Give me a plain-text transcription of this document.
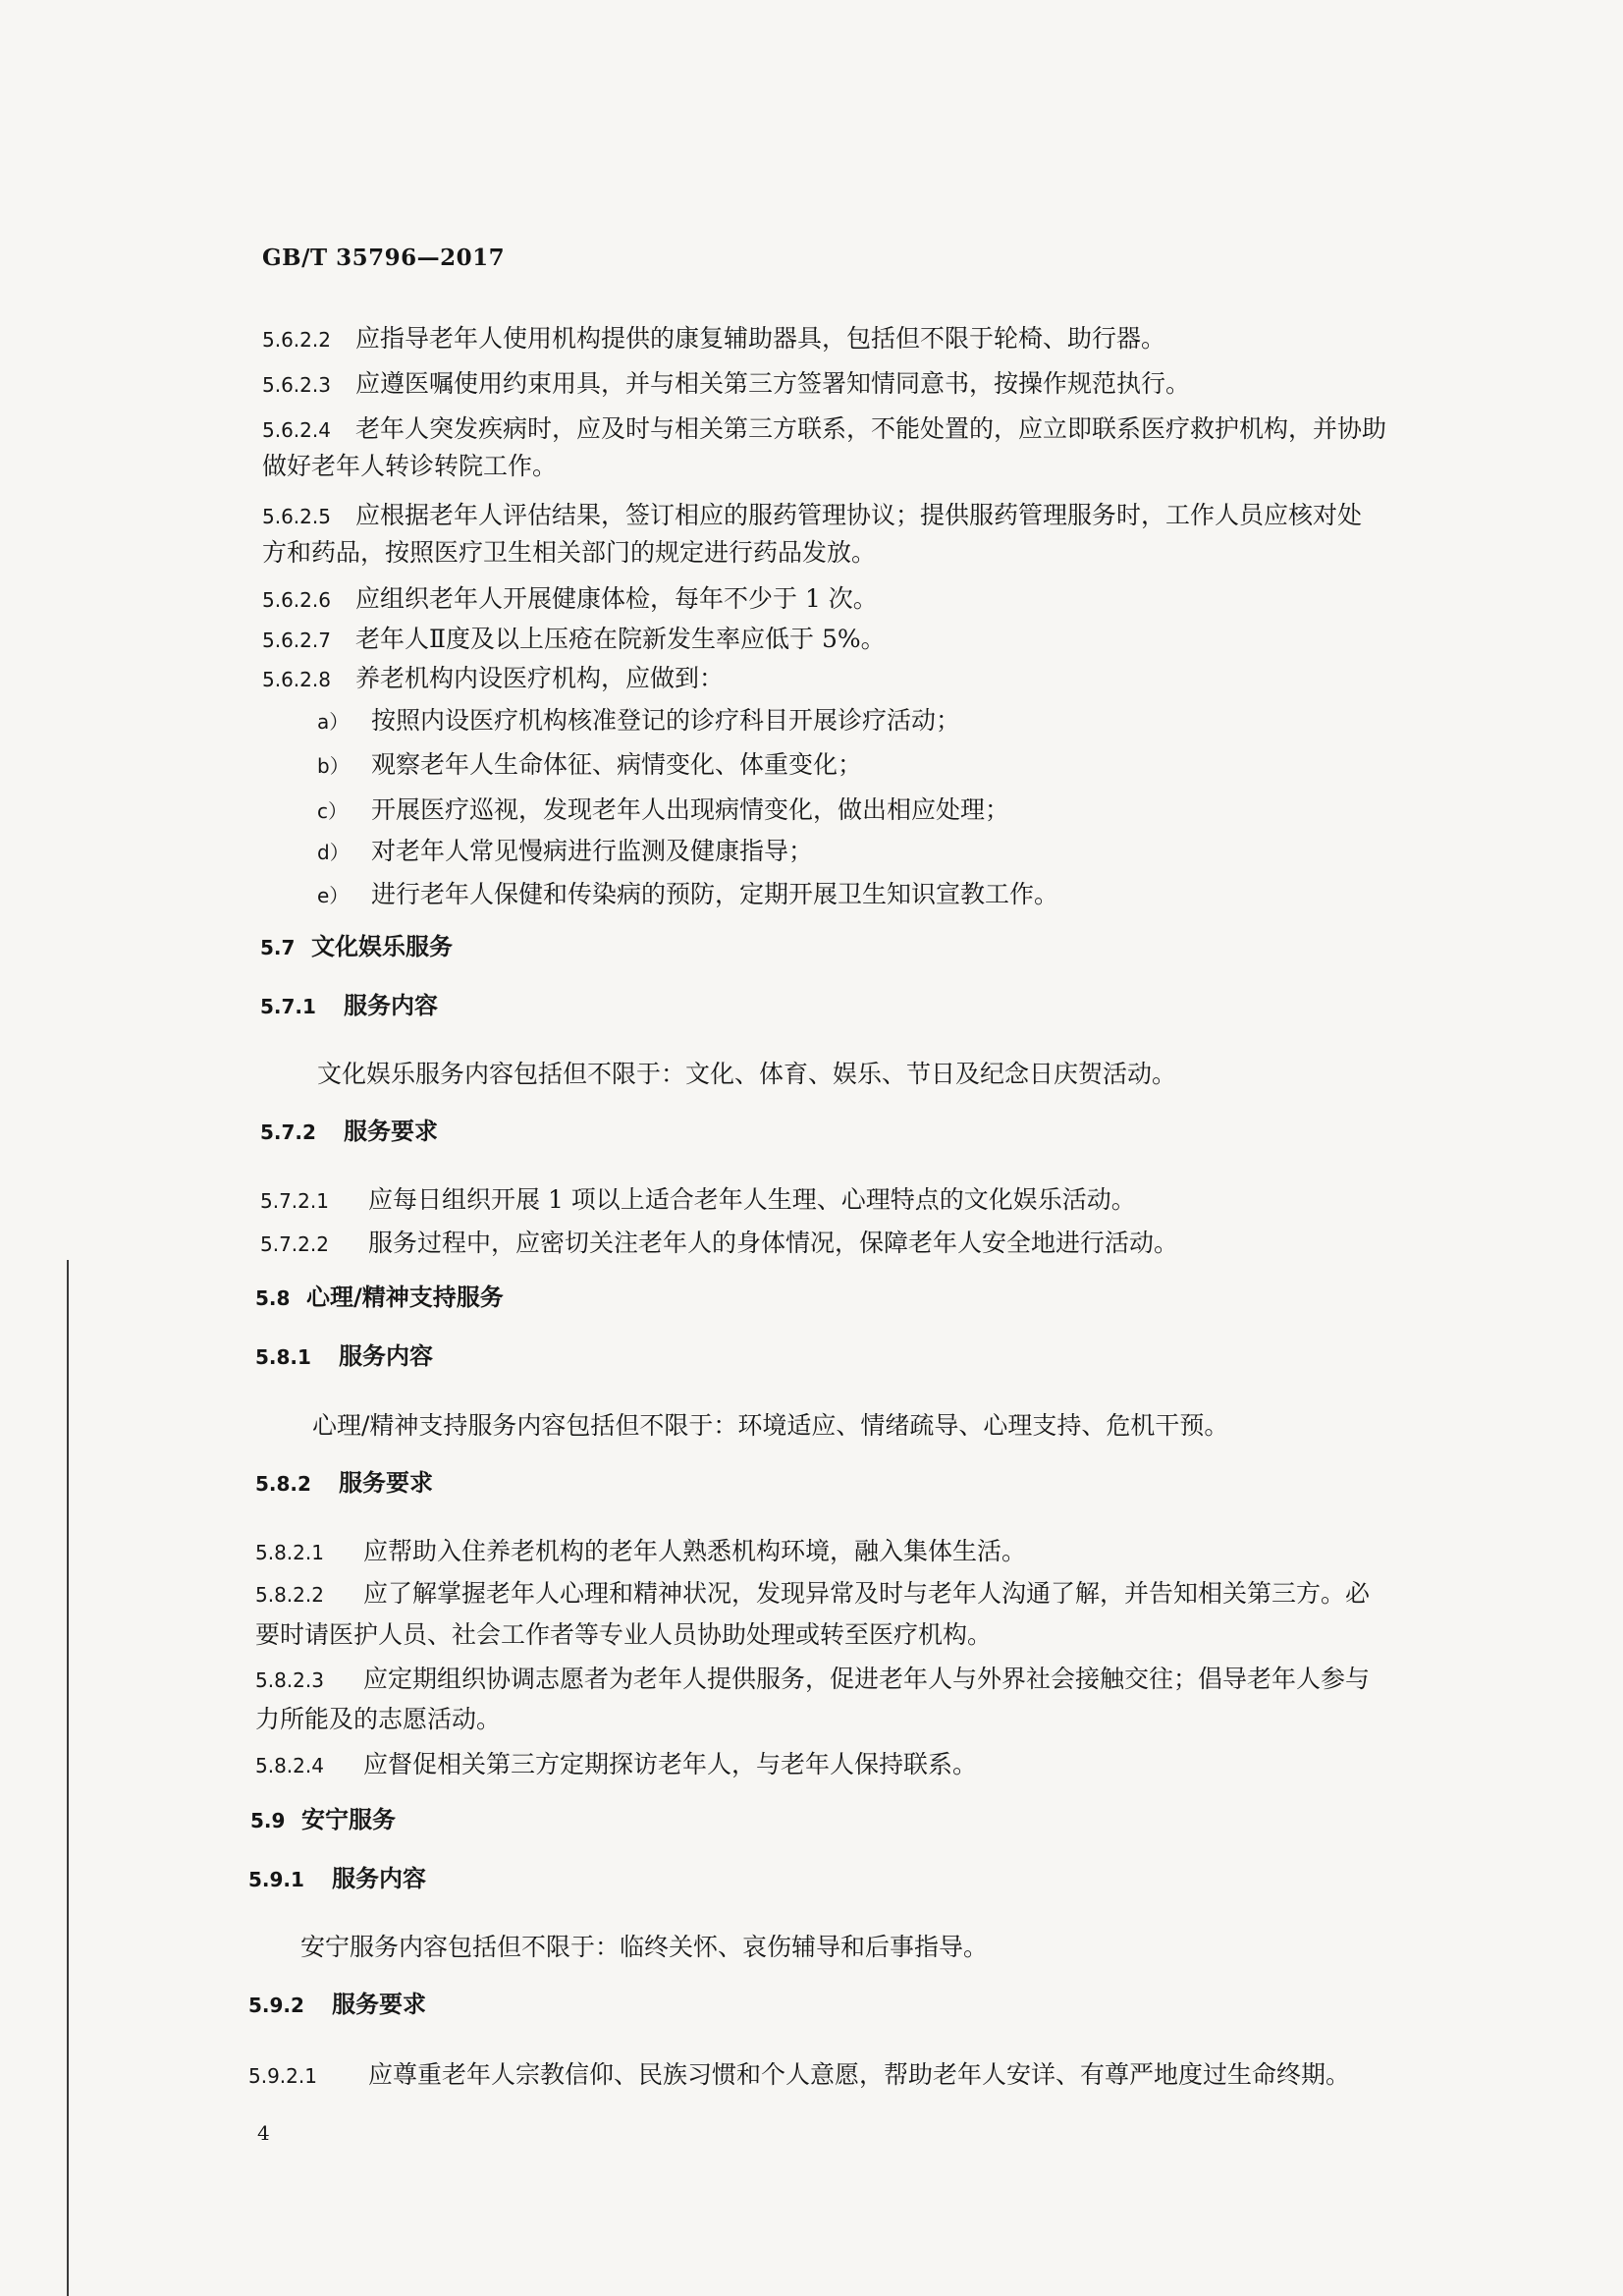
GB/T 35796—2017
5.6.2.2 应指导老年人使用机构提供的康复辅助器具，包括但不限于轮椅、助行器。
5.6.2.3 应遵医嘱使用约束用具，并与相关第三方签署知情同意书，按操作规范执行。
5.6.2.4 老年人突发疾病时，应及时与相关第三方联系，不能处置的，应立即联系医疗救护机构，并协助
做好老年人转诊转院工作。
5.6.2.5 应根据老年人评估结果，签订相应的服药管理协议；提供服药管理服务时，工作人员应核对处
方和药品，按照医疗卫生相关部门的规定进行药品发放。
5.6.2.6 应组织老年人开展健康体检，每年不少于 1 次。
5.6.2.7 老年人Ⅱ度及以上压疮在院新发生率应低于 5%。
5.6.2.8 养老机构内设医疗机构，应做到：
a） 按照内设医疗机构核准登记的诊疗科目开展诊疗活动；
b） 观察老年人生命体征、病情变化、体重变化；
c） 开展医疗巡视，发现老年人出现病情变化，做出相应处理；
d） 对老年人常见慢病进行监测及健康指导；
e） 进行老年人保健和传染病的预防，定期开展卫生知识宣教工作。
5.7 文化娱乐服务
5.7.1 服务内容
文化娱乐服务内容包括但不限于：文化、体育、娱乐、节日及纪念日庆贺活动。
5.7.2 服务要求
5.7.2.1 应每日组织开展 1 项以上适合老年人生理、心理特点的文化娱乐活动。
5.7.2.2 服务过程中，应密切关注老年人的身体情况，保障老年人安全地进行活动。
5.8 心理/精神支持服务
5.8.1 服务内容
心理/精神支持服务内容包括但不限于：环境适应、情绪疏导、心理支持、危机干预。
5.8.2 服务要求
5.8.2.1 应帮助入住养老机构的老年人熟悉机构环境，融入集体生活。
5.8.2.2 应了解掌握老年人心理和精神状况，发现异常及时与老年人沟通了解，并告知相关第三方。必
要时请医护人员、社会工作者等专业人员协助处理或转至医疗机构。
5.8.2.3 应定期组织协调志愿者为老年人提供服务，促进老年人与外界社会接触交往；倡导老年人参与
力所能及的志愿活动。
5.8.2.4 应督促相关第三方定期探访老年人，与老年人保持联系。
5.9 安宁服务
5.9.1 服务内容
安宁服务内容包括但不限于：临终关怀、哀伤辅导和后事指导。
5.9.2 服务要求
5.9.2.1 应尊重老年人宗教信仰、民族习惯和个人意愿，帮助老年人安详、有尊严地度过生命终期。
4
